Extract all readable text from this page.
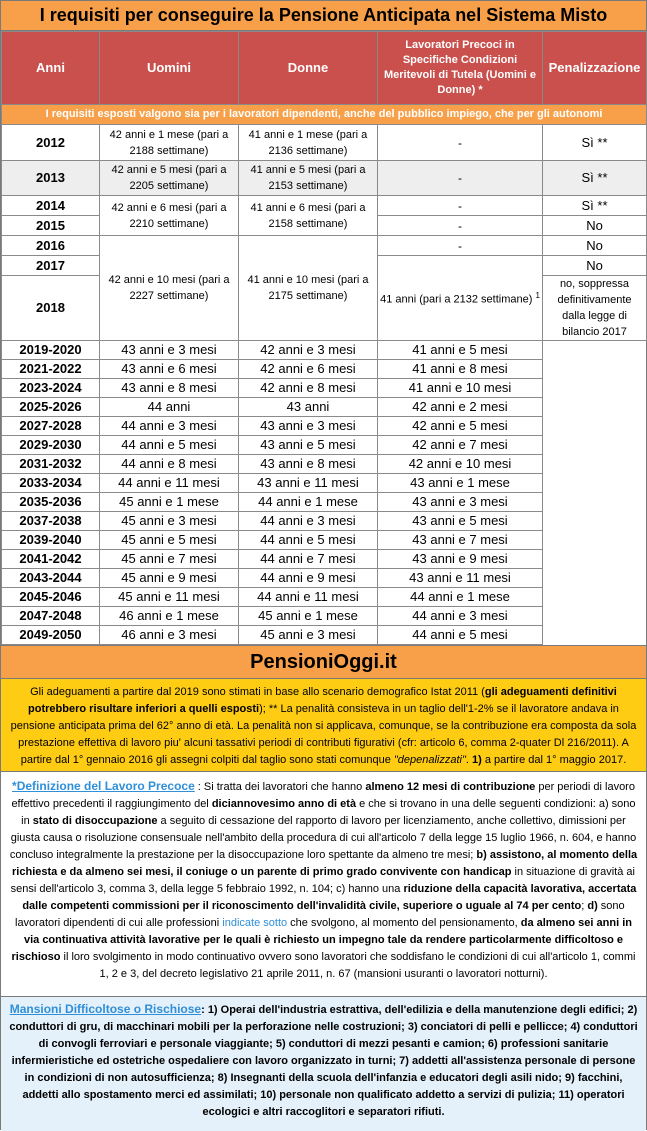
I requisiti per conseguire la Pensione Anticipata nel Sistema Misto
Anni	Uomini	Donne	Lavoratori Precoci in Specifiche Condizioni Meritevoli di Tutela (Uomini e Donne) *	Penalizzazione
I requisiti esposti valgono sia per i lavoratori dipendenti, anche del pubblico impiego, che per gli autonomi				
2012	42 anni e 1 mese (pari a 2188 settimane)	41 anni e 1 mese (pari a 2136 settimane)	-	Sì **
2013	42 anni e 5 mesi (pari a 2205 settimane)	41 anni e 5 mesi (pari a 2153 settimane)	-	Sì **
2014	42 anni e 6 mesi (pari a 2210 settimane)	41 anni e 6 mesi (pari a 2158 settimane)	-	Sì **
2015			-	No
2016	42 anni e 10 mesi (pari a 2227 settimane)	41 anni e 10 mesi (pari a 2175 settimane)	-	No
2017			41 anni (pari a 2132 settimane) $^1$	No
2018				no, soppressa definitivamente dalla legge di bilancio 2017
2019-2020	43 anni e 3 mesi	42 anni e 3 mesi	41 anni e 5 mesi	
2021-2022	43 anni e 6 mesi	42 anni e 6 mesi	41 anni e 8 mesi	
2023-2024	43 anni e 8 mesi	42 anni e 8 mesi	41 anni e 10 mesi	
2025-2026	44 anni	43 anni	42 anni e 2 mesi	
2027-2028	44 anni e 3 mesi	43 anni e 3 mesi	42 anni e 5 mesi	
2029-2030	44 anni e 5 mesi	43 anni e 5 mesi	42 anni e 7 mesi	
2031-2032	44 anni e 8 mesi	43 anni e 8 mesi	42 anni e 10 mesi	
2033-2034	44 anni e 11 mesi	43 anni e 11 mesi	43 anni e 1 mese	
2035-2036	45 anni e 1 mese	44 anni e 1 mese	43 anni e 3 mesi	
2037-2038	45 anni e 3 mesi	44 anni e 3 mesi	43 anni e 5 mesi	
2039-2040	45 anni e 5 mesi	44 anni e 5 mesi	43 anni e 7 mesi	
2041-2042	45 anni e 7 mesi	44 anni e 7 mesi	43 anni e 9 mesi	
2043-2044	45 anni e 9 mesi	44 anni e 9 mesi	43 anni e 11 mesi	
2045-2046	45 anni e 11 mesi	44 anni e 11 mesi	44 anni e 1 mese	
2047-2048	46 anni e 1 mese	45 anni e 1 mese	44 anni e 3 mesi	
2049-2050	46 anni e 3 mesi	45 anni e 3 mesi	44 anni e 5 mesi	
PensioniOggi.it
Gli adeguamenti a partire dal 2019 sono stimati in base allo scenario demografico Istat 2011 (gli adeguamenti definitivi potrebbero risultare inferiori a quelli esposti); ** La penalità consisteva in un taglio dell'1-2% se il lavoratore andava in pensione anticipata prima del 62° anno di età. La penalità non si applicava, comunque, se la contribuzione era composta da sola prestazione effettiva di lavoro piu' alcuni tassativi periodi di contributi figurativi (cfr: articolo 6, comma 2-quater Dl 216/2011). A partire dal 1° gennaio 2016 gli assegni colpiti dal taglio sono stati comunque "depenalizzati". 1) a partire dal 1° maggio 2017.
*Definizione del Lavoro Precoce : Si tratta dei lavoratori che hanno almeno 12 mesi di contribuzione per periodi di lavoro effettivo precedenti il raggiungimento del diciannovesimo anno di età e che si trovano in una delle seguenti condizioni: a) sono in stato di disoccupazione a seguito di cessazione del rapporto di lavoro per licenziamento, anche collettivo, dimissioni per giusta causa o risoluzione consensuale nell'ambito della procedura di cui all'articolo 7 della legge 15 luglio 1966, n. 604, e hanno concluso integralmente la prestazione per la disoccupazione loro spettante da almeno tre mesi; b) assistono, al momento della richiesta e da almeno sei mesi, il coniuge o un parente di primo grado convivente con handicap in situazione di gravità ai sensi dell'articolo 3, comma 3, della legge 5 febbraio 1992, n. 104; c) hanno una riduzione della capacità lavorativa, accertata dalle competenti commissioni per il riconoscimento dell'invalidità civile, superiore o uguale al 74 per cento; d) sono lavoratori dipendenti di cui alle professioni indicate sotto che svolgono, al momento del pensionamento, da almeno sei anni in via continuativa attività lavorative per le quali è richiesto un impegno tale da rendere particolarmente difficoltoso e rischioso il loro svolgimento in modo continuativo ovvero sono lavoratori che soddisfano le condizioni di cui all'articolo 1, commi 1, 2 e 3, del decreto legislativo 21 aprile 2011, n. 67 (mansioni usuranti o lavoratori notturni).
Mansioni Difficoltose o Rischiose: 1) Operai dell'industria estrattiva, dell'edilizia e della manutenzione degli edifici; 2) conduttori di gru, di macchinari mobili per la perforazione nelle costruzioni; 3) conciatori di pelli e pellicce; 4) conduttori di convogli ferroviari e personale viaggiante; 5) conduttori di mezzi pesanti e camion; 6) professioni sanitarie infermieristiche ed ostetriche ospedaliere con lavoro organizzato in turni; 7) addetti all'assistenza personale di persone in condizioni di non autosufficienza; 8) Insegnanti della scuola dell'infanzia e educatori degli asili nido; 9) facchini, addetti allo spostamento merci ed assimilati; 10) personale non qualificato addetto a servizi di pulizia; 11) operatori ecologici e altri raccoglitori e separatori rifiuti.
